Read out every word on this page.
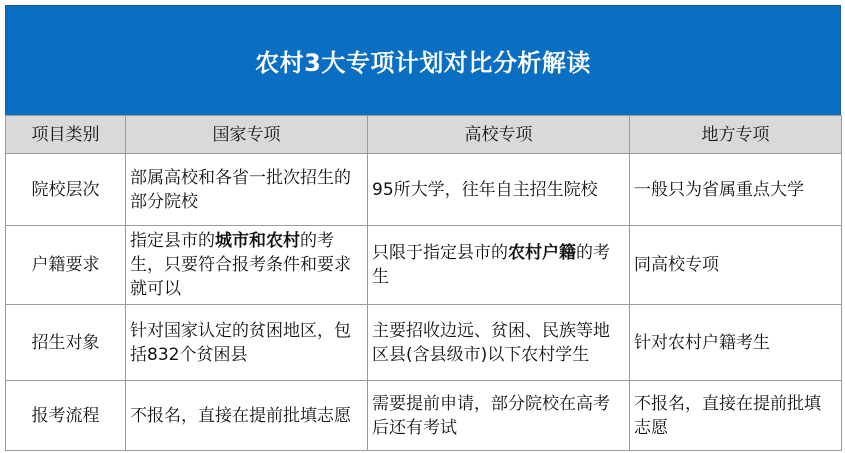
农村3大专项计划对比分析解读
项目类别	国家专项	高校专项	地方专项
院校层次	部属高校和各省一批次招生的部分院校	95所大学，往年自主招生院校	一般只为省属重点大学
户籍要求	指定县市的城市和农村的考生，只要符合报考条件和要求就可以	只限于指定县市的农村户籍的考生	同高校专项
招生对象	针对国家认定的贫困地区，包括832个贫困县	主要招收边远、贫困、民族等地区县(含县级市)以下农村学生	针对农村户籍考生
报考流程	不报名，直接在提前批填志愿	需要提前申请，部分院校在高考后还有考试	不报名，直接在提前批填志愿
